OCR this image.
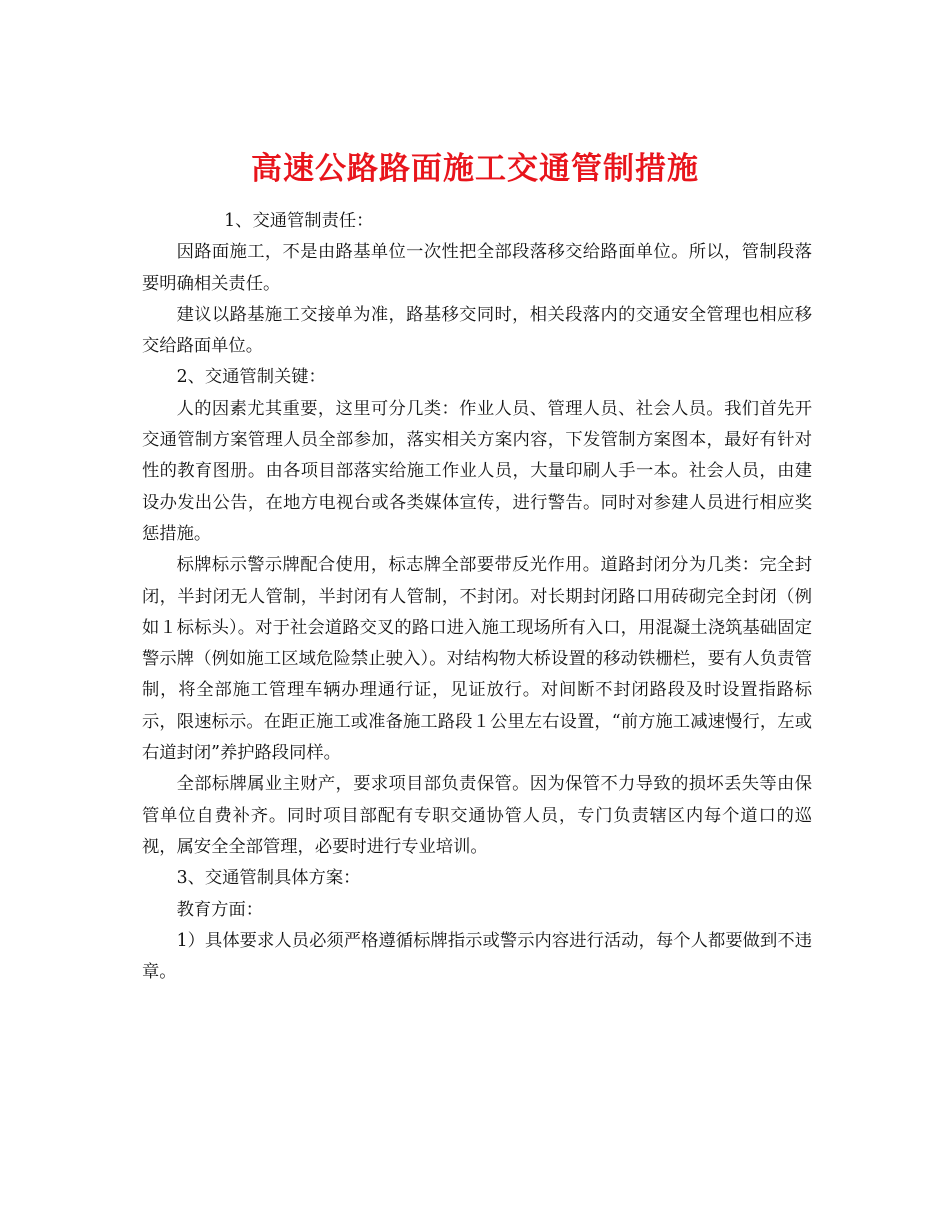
高速公路路面施工交通管制措施

1、交通管制责任：

因路面施工，不是由路基单位一次性把全部段落移交给路面单位。所以，管制段落要明确相关责任。

建议以路基施工交接单为准，路基移交同时，相关段落内的交通安全管理也相应移交给路面单位。

2、交通管制关键：

人的因素尤其重要，这里可分几类：作业人员、管理人员、社会人员。我们首先开交通管制方案管理人员全部参加，落实相关方案内容，下发管制方案图本，最好有针对性的教育图册。由各项目部落实给施工作业人员，大量印刷人手一本。社会人员，由建设办发出公告，在地方电视台或各类媒体宣传，进行警告。同时对参建人员进行相应奖惩措施。

标牌标示警示牌配合使用，标志牌全部要带反光作用。道路封闭分为几类：完全封闭，半封闭无人管制，半封闭有人管制，不封闭。对长期封闭路口用砖砌完全封闭（例如１标标头）。对于社会道路交叉的路口进入施工现场所有入口，用混凝土浇筑基础固定警示牌（例如施工区域危险禁止驶入）。对结构物大桥设置的移动铁栅栏，要有人负责管制，将全部施工管理车辆办理通行证，见证放行。对间断不封闭路段及时设置指路标示，限速标示。在距正施工或准备施工路段１公里左右设置，“前方施工减速慢行，左或右道封闭”养护路段同样。

全部标牌属业主财产，要求项目部负责保管。因为保管不力导致的损坏丢失等由保管单位自费补齐。同时项目部配有专职交通协管人员，专门负责辖区内每个道口的巡视，属安全全部管理，必要时进行专业培训。

3、交通管制具体方案：

教育方面：

1）具体要求人员必须严格遵循标牌指示或警示内容进行活动，每个人都要做到不违章。
